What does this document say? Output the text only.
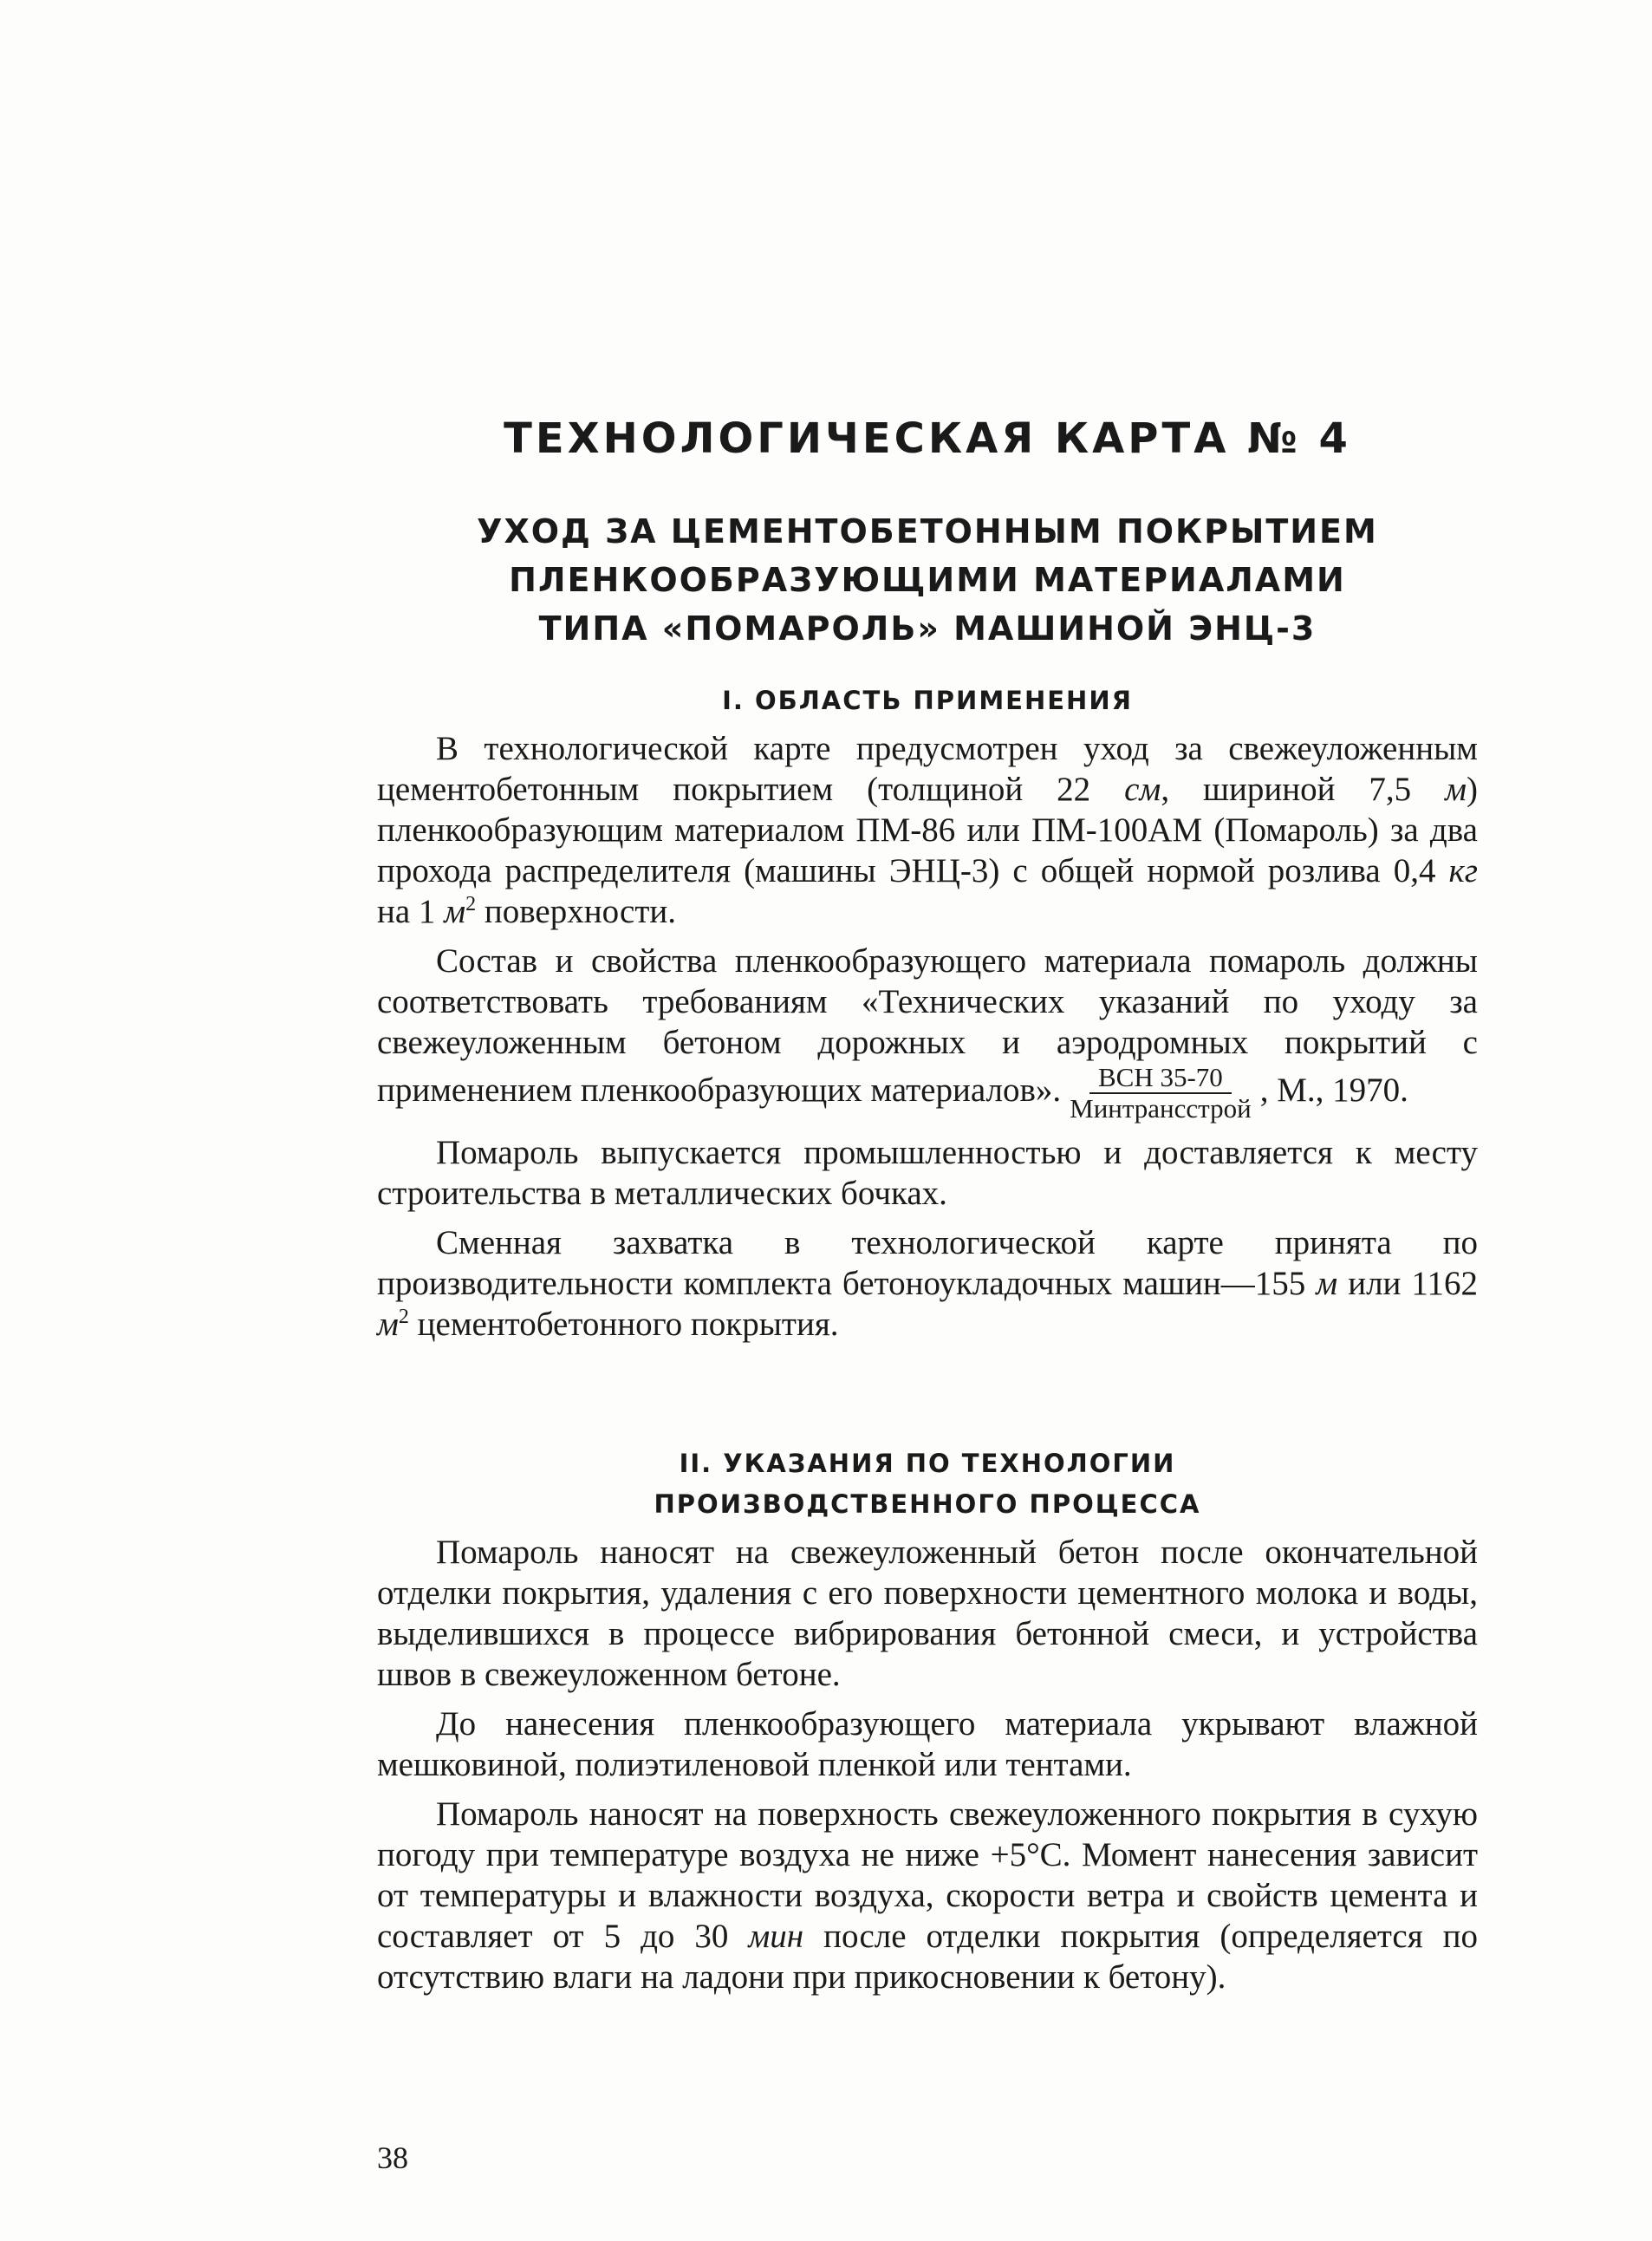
ТЕХНОЛОГИЧЕСКАЯ КАРТА № 4
УХОД ЗА ЦЕМЕНТОБЕТОННЫМ ПОКРЫТИЕМ
ПЛЕНКООБРАЗУЮЩИМИ МАТЕРИАЛАМИ
ТИПА «ПОМАРОЛЬ» МАШИНОЙ ЭНЦ-3
I. ОБЛАСТЬ ПРИМЕНЕНИЯ

В технологической карте предусмотрен уход за свежеуложенным цементобетонным покрытием (толщиной 22 см, шириной 7,5 м) пленкообразующим материалом ПМ-86 или ПМ-100АМ (Помароль) за два прохода распределителя (машины ЭНЦ-3) с общей нормой розлива 0,4 кг на 1 $м^2$ поверхности.

Состав и свойства пленкообразующего материала помароль должны соответствовать требованиям «Технических указаний по уходу за свежеуложенным бетоном дорожных и аэродромных покрытий с применением пленкообразующих материалов». $\frac{\text{ВСН 35-70}}{\text{Минтрансстрой}}$ , М., 1970.

Помароль выпускается промышленностью и доставляется к месту строительства в металлических бочках.

Сменная захватка в технологической карте принята по производительности комплекта бетоноукладочных машин—155 м или 1162 $м^2$ цементобетонного покрытия.

II. УКАЗАНИЯ ПО ТЕХНОЛОГИИ
ПРОИЗВОДСТВЕННОГО ПРОЦЕССА

Помароль наносят на свежеуложенный бетон после окончательной отделки покрытия, удаления с его поверхности цементного молока и воды, выделившихся в процессе вибрирования бетонной смеси, и устройства швов в свежеуложенном бетоне.

До нанесения пленкообразующего материала укрывают влажной мешковиной, полиэтиленовой пленкой или тентами.

Помароль наносят на поверхность свежеуложенного покрытия в сухую погоду при температуре воздуха не ниже +5°С. Момент нанесения зависит от температуры и влажности воздуха, скорости ветра и свойств цемента и составляет от 5 до 30 мин после отделки покрытия (определяется по отсутствию влаги на ладони при прикосновении к бетону).

38
